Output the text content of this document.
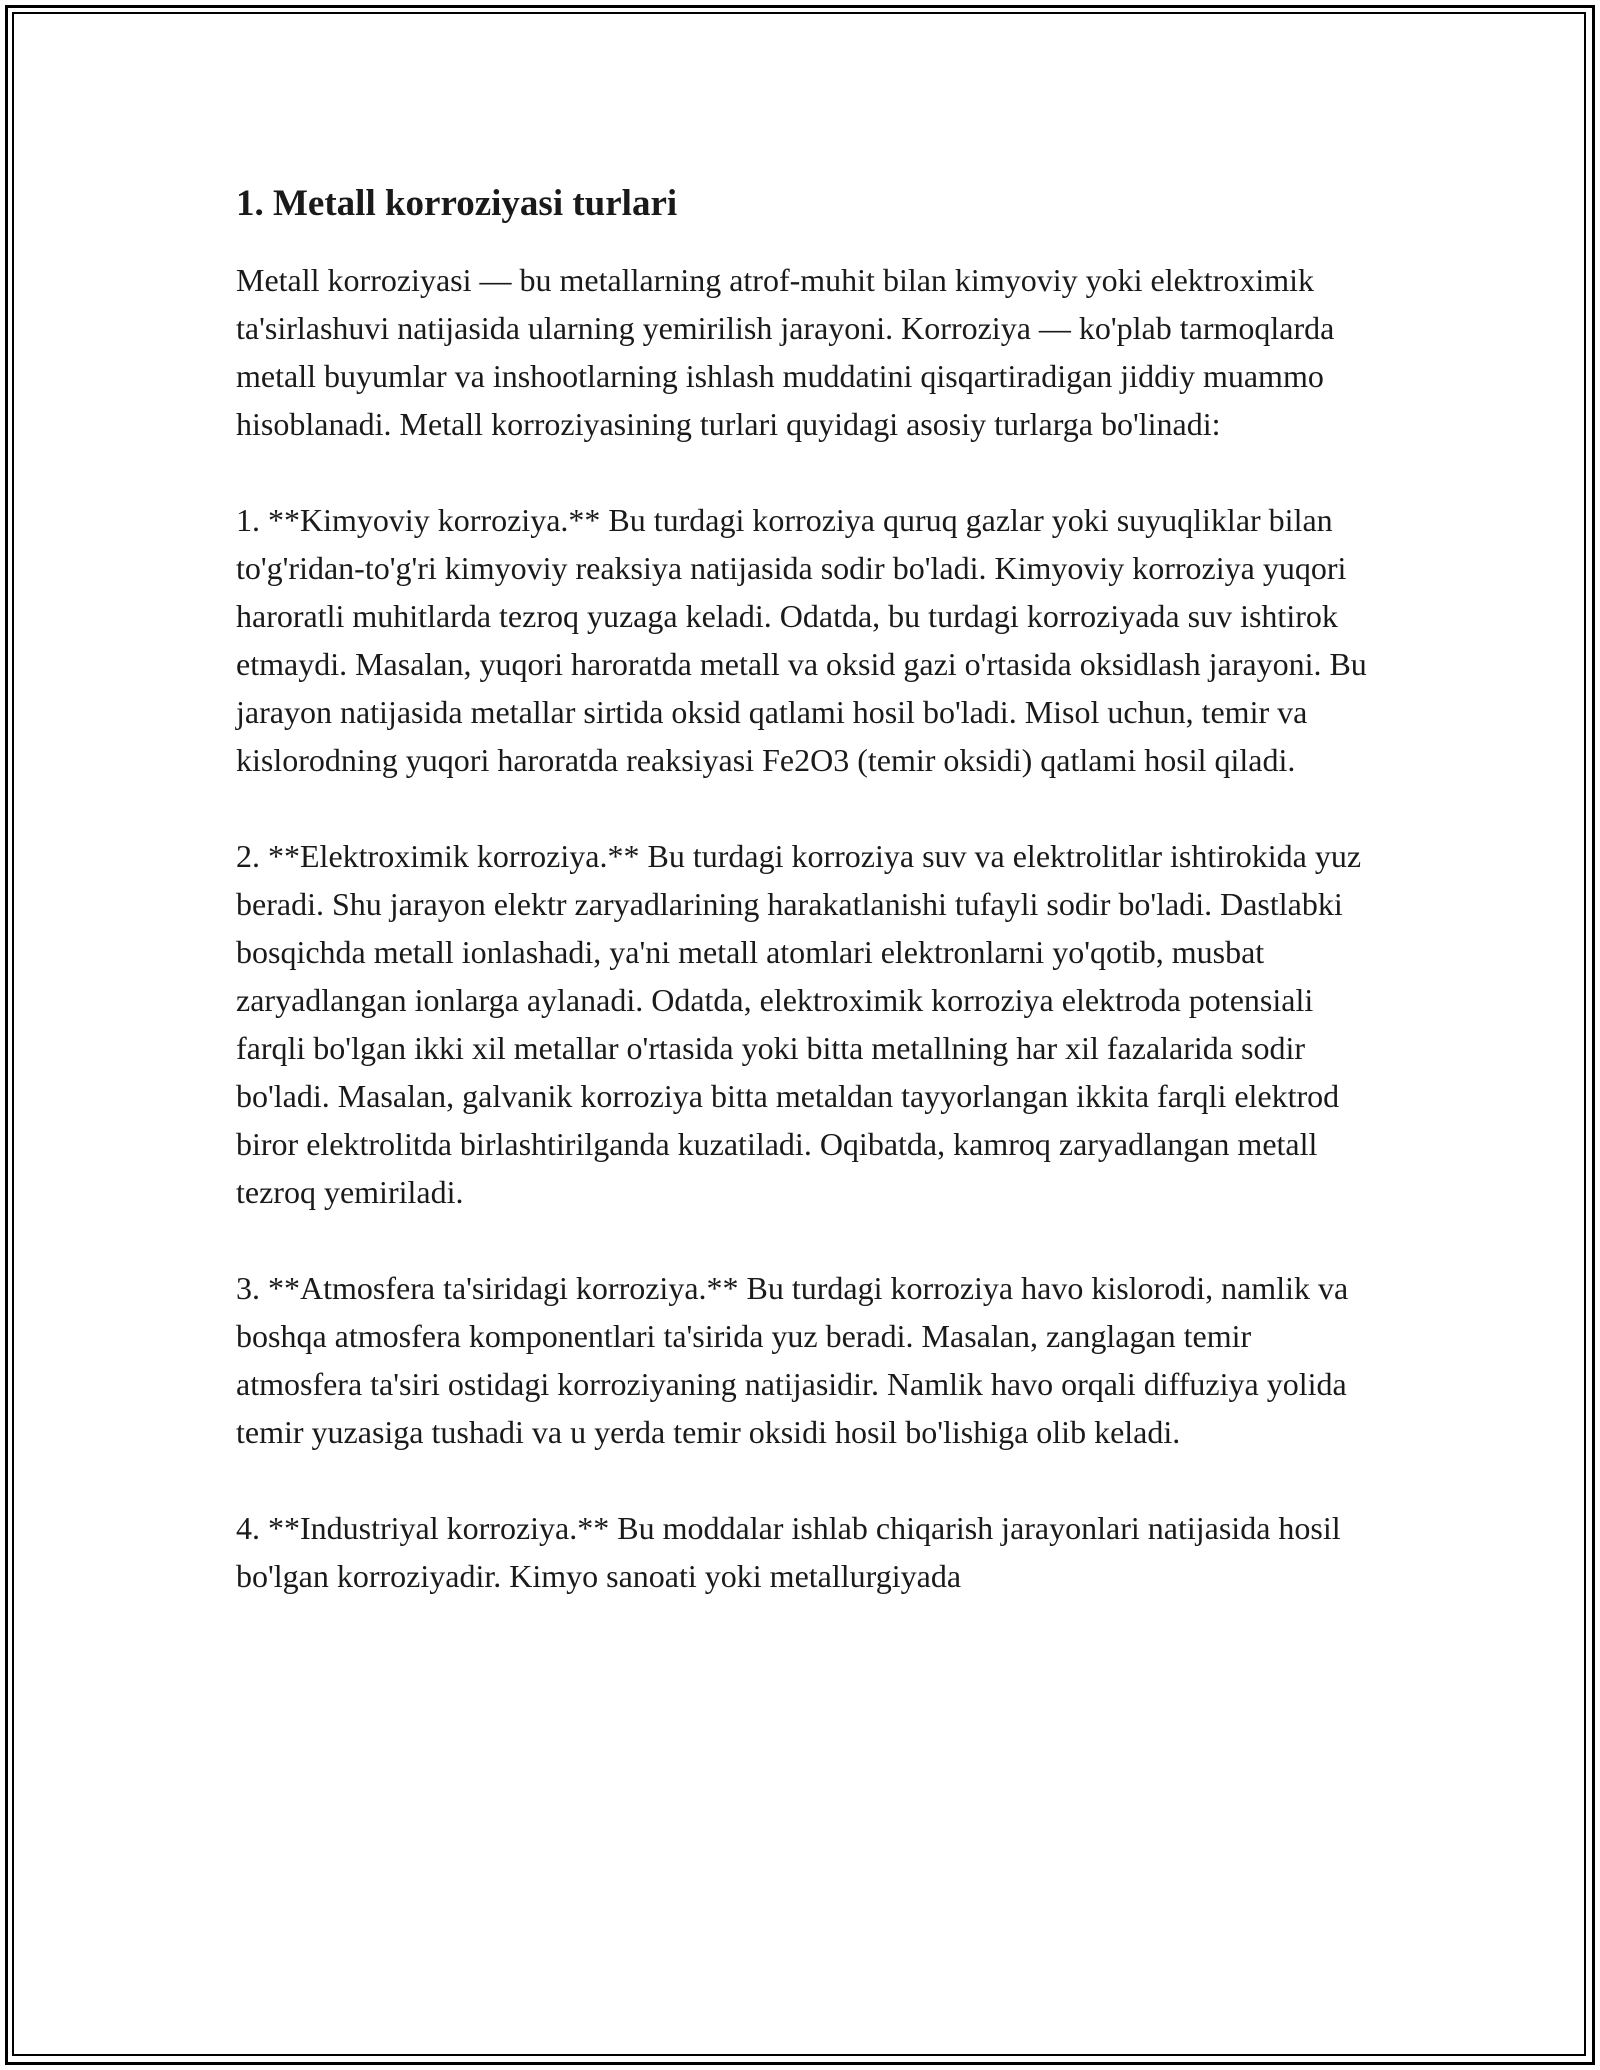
1. Metall korroziyasi turlari

Metall korroziyasi — bu metallarning atrof-muhit bilan kimyoviy yoki elektroximik ta'sirlashuvi natijasida ularning yemirilish jarayoni. Korroziya — ko'plab tarmoqlarda metall buyumlar va inshootlarning ishlash muddatini qisqartiradigan jiddiy muammo hisoblanadi. Metall korroziyasining turlari quyidagi asosiy turlarga bo'linadi:

1. **Kimyoviy korroziya.** Bu turdagi korroziya quruq gazlar yoki suyuqliklar bilan to'g'ridan-to'g'ri kimyoviy reaksiya natijasida sodir bo'ladi. Kimyoviy korroziya yuqori haroratli muhitlarda tezroq yuzaga keladi. Odatda, bu turdagi korroziyada suv ishtirok etmaydi. Masalan, yuqori haroratda metall va oksid gazi o'rtasida oksidlash jarayoni. Bu jarayon natijasida metallar sirtida oksid qatlami hosil bo'ladi. Misol uchun, temir va kislorodning yuqori haroratda reaksiyasi Fe2O3 (temir oksidi) qatlami hosil qiladi.

2. **Elektroximik korroziya.** Bu turdagi korroziya suv va elektrolitlar ishtirokida yuz beradi. Shu jarayon elektr zaryadlarining harakatlanishi tufayli sodir bo'ladi. Dastlabki bosqichda metall ionlashadi, ya'ni metall atomlari elektronlarni yo'qotib, musbat zaryadlangan ionlarga aylanadi. Odatda, elektroximik korroziya elektroda potensiali farqli bo'lgan ikki xil metallar o'rtasida yoki bitta metallning har xil fazalarida sodir bo'ladi. Masalan, galvanik korroziya bitta metaldan tayyorlangan ikkita farqli elektrod biror elektrolitda birlashtirilganda kuzatiladi. Oqibatda, kamroq zaryadlangan metall tezroq yemiriladi.

3. **Atmosfera ta'siridagi korroziya.** Bu turdagi korroziya havo kislorodi, namlik va boshqa atmosfera komponentlari ta'sirida yuz beradi. Masalan, zanglagan temir atmosfera ta'siri ostidagi korroziyaning natijasidir. Namlik havo orqali diffuziya yolida temir yuzasiga tushadi va u yerda temir oksidi hosil bo'lishiga olib keladi.

4. **Industriyal korroziya.** Bu moddalar ishlab chiqarish jarayonlari natijasida hosil bo'lgan korroziyadir. Kimyo sanoati yoki metallurgiyada
